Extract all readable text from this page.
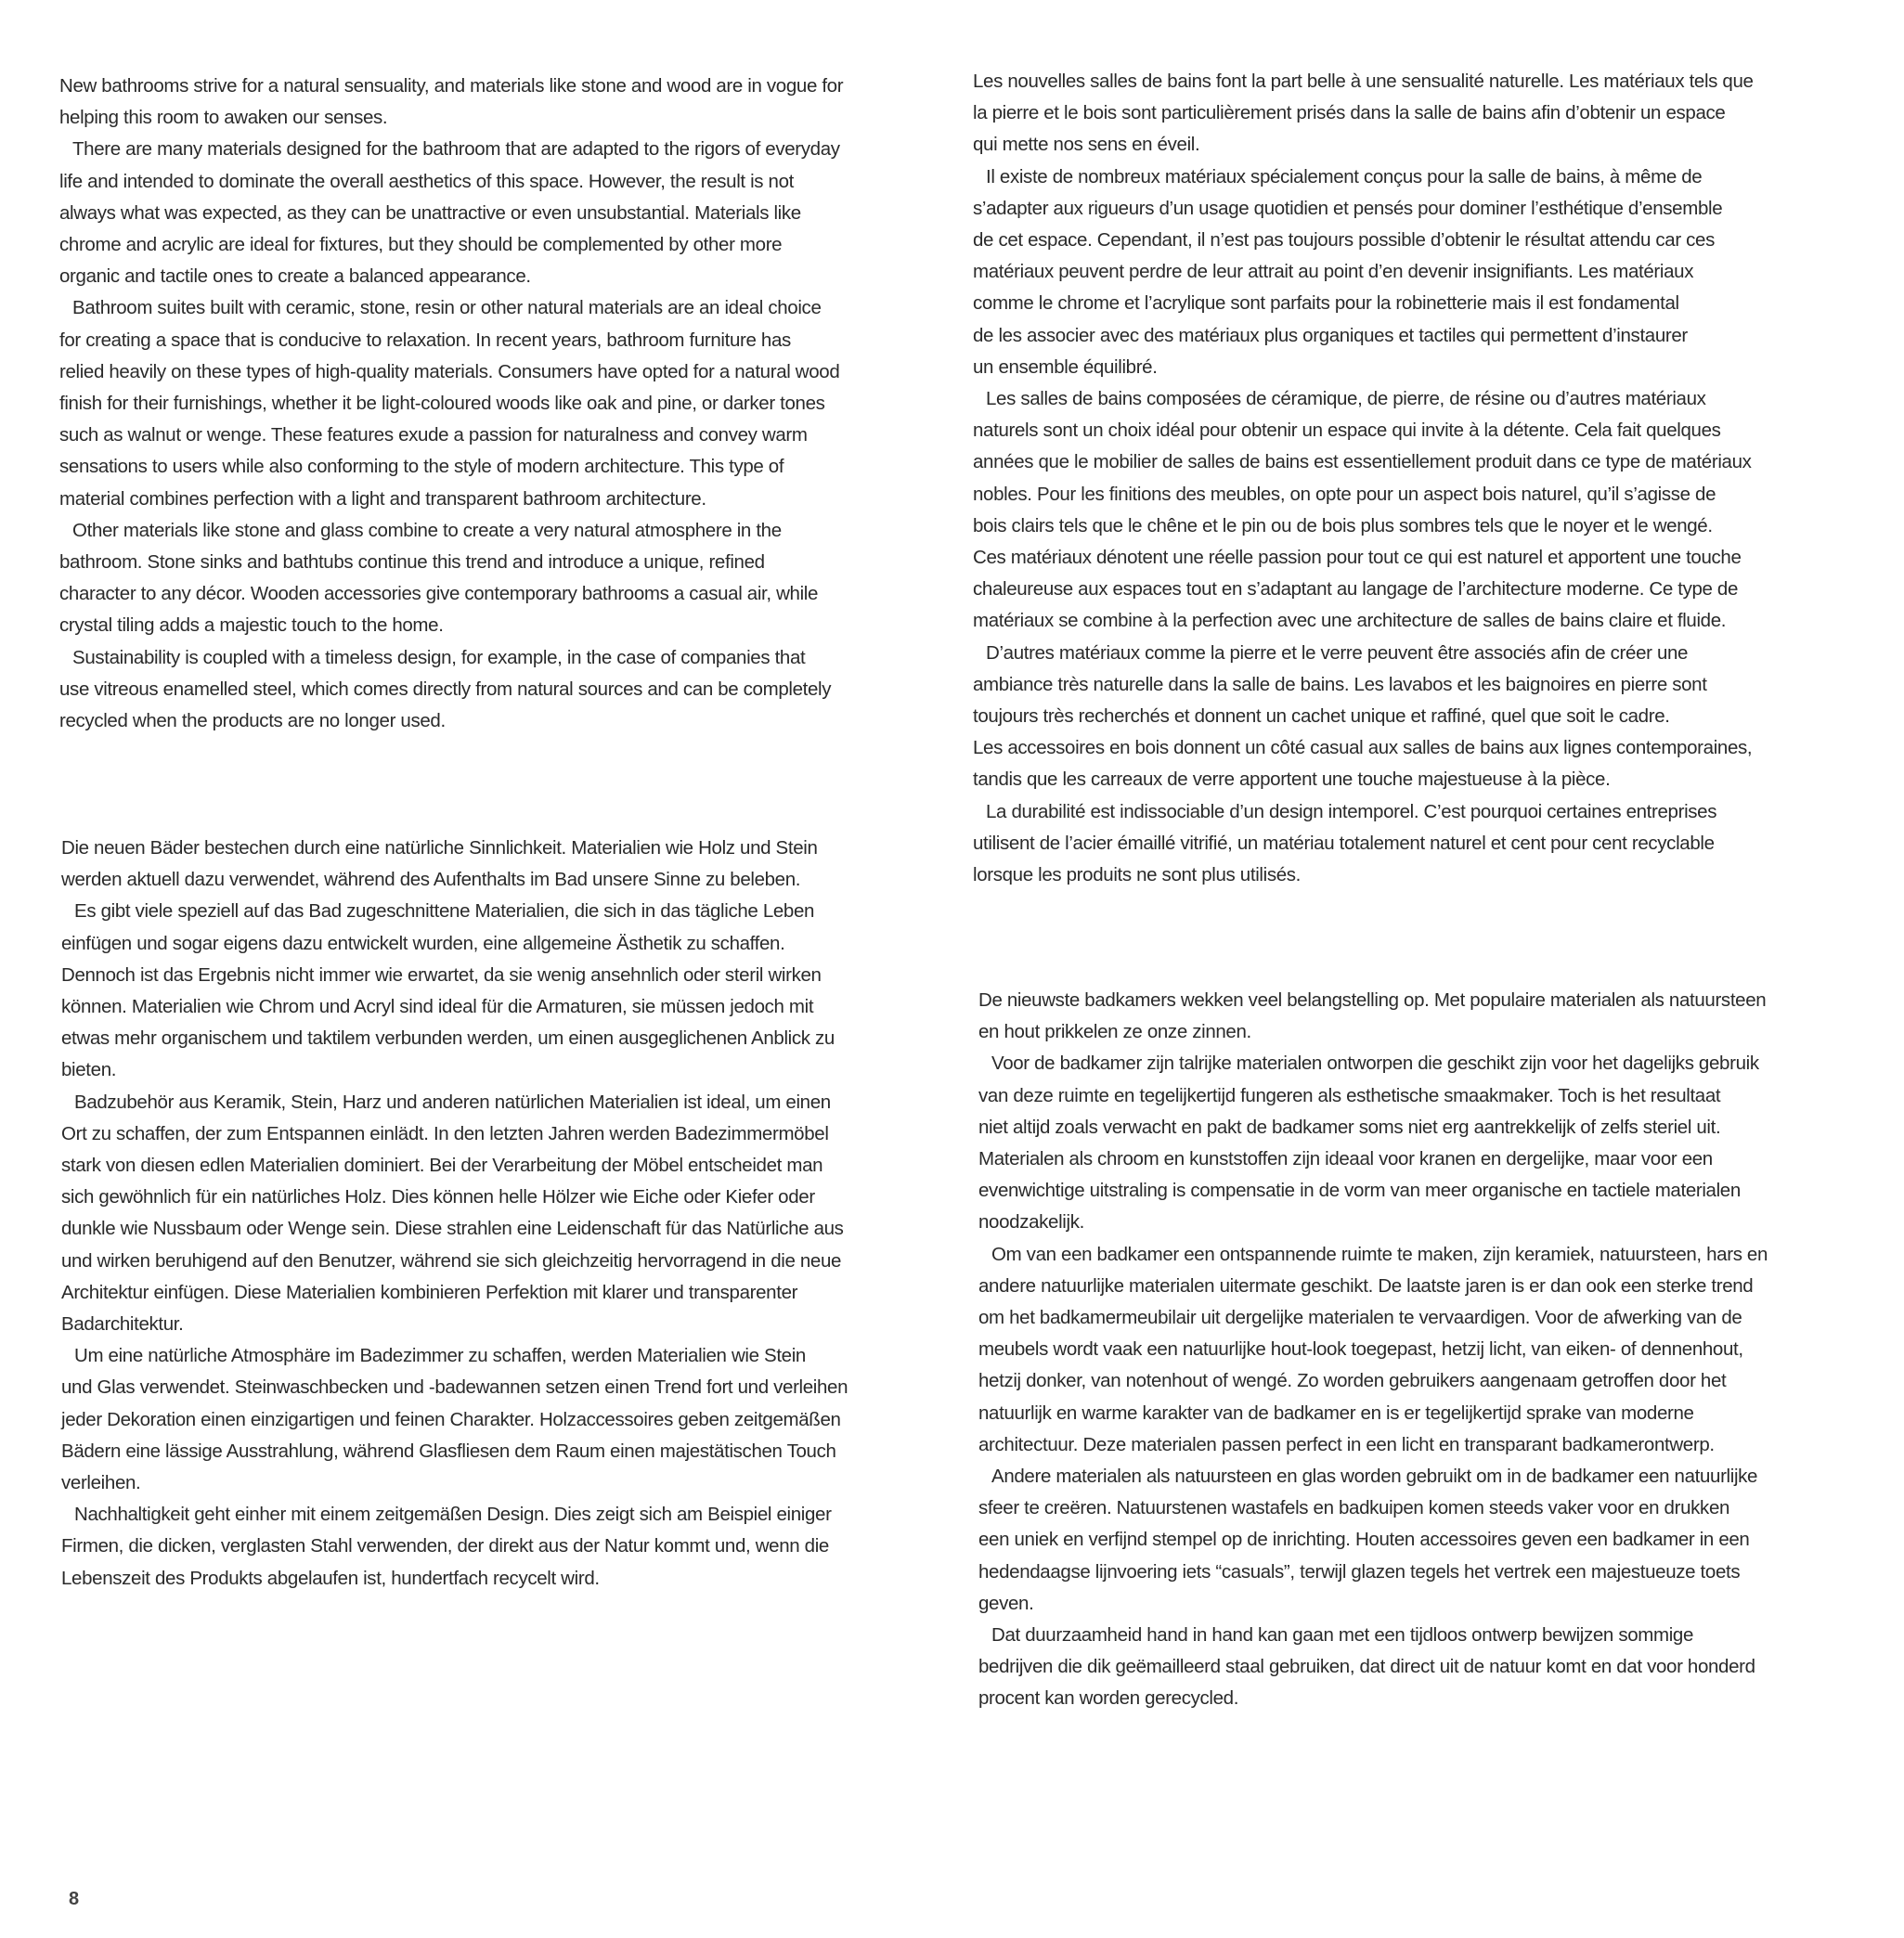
New bathrooms strive for a natural sensuality, and materials like stone and wood are in vogue for
helping this room to awaken our senses.
There are many materials designed for the bathroom that are adapted to the rigors of everyday
life and intended to dominate the overall aesthetics of this space. However, the result is not
always what was expected, as they can be unattractive or even unsubstantial. Materials like
chrome and acrylic are ideal for fixtures, but they should be complemented by other more
organic and tactile ones to create a balanced appearance.
Bathroom suites built with ceramic, stone, resin or other natural materials are an ideal choice
for creating a space that is conducive to relaxation. In recent years, bathroom furniture has
relied heavily on these types of high-quality materials. Consumers have opted for a natural wood
finish for their furnishings, whether it be light-coloured woods like oak and pine, or darker tones
such as walnut or wenge. These features exude a passion for naturalness and convey warm
sensations to users while also conforming to the style of modern architecture. This type of
material combines perfection with a light and transparent bathroom architecture.
Other materials like stone and glass combine to create a very natural atmosphere in the
bathroom. Stone sinks and bathtubs continue this trend and introduce a unique, refined
character to any décor. Wooden accessories give contemporary bathrooms a casual air, while
crystal tiling adds a majestic touch to the home.
Sustainability is coupled with a timeless design, for example, in the case of companies that
use vitreous enamelled steel, which comes directly from natural sources and can be completely
recycled when the products are no longer used.
Die neuen Bäder bestechen durch eine natürliche Sinnlichkeit. Materialien wie Holz und Stein
werden aktuell dazu verwendet, während des Aufenthalts im Bad unsere Sinne zu beleben.
Es gibt viele speziell auf das Bad zugeschnittene Materialien, die sich in das tägliche Leben
einfügen und sogar eigens dazu entwickelt wurden, eine allgemeine Ästhetik zu schaffen.
Dennoch ist das Ergebnis nicht immer wie erwartet, da sie wenig ansehnlich oder steril wirken
können. Materialien wie Chrom und Acryl sind ideal für die Armaturen, sie müssen jedoch mit
etwas mehr organischem und taktilem verbunden werden, um einen ausgeglichenen Anblick zu
bieten.
Badzubehör aus Keramik, Stein, Harz und anderen natürlichen Materialien ist ideal, um einen
Ort zu schaffen, der zum Entspannen einlädt. In den letzten Jahren werden Badezimmermöbel
stark von diesen edlen Materialien dominiert. Bei der Verarbeitung der Möbel entscheidet man
sich gewöhnlich für ein natürliches Holz. Dies können helle Hölzer wie Eiche oder Kiefer oder
dunkle wie Nussbaum oder Wenge sein. Diese strahlen eine Leidenschaft für das Natürliche aus
und wirken beruhigend auf den Benutzer, während sie sich gleichzeitig hervorragend in die neue
Architektur einfügen. Diese Materialien kombinieren Perfektion mit klarer und transparenter
Badarchitektur.
Um eine natürliche Atmosphäre im Badezimmer zu schaffen, werden Materialien wie Stein
und Glas verwendet. Steinwaschbecken und -badewannen setzen einen Trend fort und verleihen
jeder Dekoration einen einzigartigen und feinen Charakter. Holzaccessoires geben zeitgemäßen
Bädern eine lässige Ausstrahlung, während Glasfliesen dem Raum einen majestätischen Touch
verleihen.
Nachhaltigkeit geht einher mit einem zeitgemäßen Design. Dies zeigt sich am Beispiel einiger
Firmen, die dicken, verglasten Stahl verwenden, der direkt aus der Natur kommt und, wenn die
Lebenszeit des Produkts abgelaufen ist, hundertfach recycelt wird.
Les nouvelles salles de bains font la part belle à une sensualité naturelle. Les matériaux tels que
la pierre et le bois sont particulièrement prisés dans la salle de bains afin d’obtenir un espace
qui mette nos sens en éveil.
Il existe de nombreux matériaux spécialement conçus pour la salle de bains, à même de
s’adapter aux rigueurs d’un usage quotidien et pensés pour dominer l’esthétique d’ensemble
de cet espace. Cependant, il n’est pas toujours possible d’obtenir le résultat attendu car ces
matériaux peuvent perdre de leur attrait au point d’en devenir insignifiants. Les matériaux
comme le chrome et l’acrylique sont parfaits pour la robinetterie mais il est fondamental
de les associer avec des matériaux plus organiques et tactiles qui permettent d’instaurer
un ensemble équilibré.
Les salles de bains composées de céramique, de pierre, de résine ou d’autres matériaux
naturels sont un choix idéal pour obtenir un espace qui invite à la détente. Cela fait quelques
années que le mobilier de salles de bains est essentiellement produit dans ce type de matériaux
nobles. Pour les finitions des meubles, on opte pour un aspect bois naturel, qu’il s’agisse de
bois clairs tels que le chêne et le pin ou de bois plus sombres tels que le noyer et le wengé.
Ces matériaux dénotent une réelle passion pour tout ce qui est naturel et apportent une touche
chaleureuse aux espaces tout en s’adaptant au langage de l’architecture moderne. Ce type de
matériaux se combine à la perfection avec une architecture de salles de bains claire et fluide.
D’autres matériaux comme la pierre et le verre peuvent être associés afin de créer une
ambiance très naturelle dans la salle de bains. Les lavabos et les baignoires en pierre sont
toujours très recherchés et donnent un cachet unique et raffiné, quel que soit le cadre.
Les accessoires en bois donnent un côté casual aux salles de bains aux lignes contemporaines,
tandis que les carreaux de verre apportent une touche majestueuse à la pièce.
La durabilité est indissociable d’un design intemporel. C’est pourquoi certaines entreprises
utilisent de l’acier émaillé vitrifié, un matériau totalement naturel et cent pour cent recyclable
lorsque les produits ne sont plus utilisés.
De nieuwste badkamers wekken veel belangstelling op. Met populaire materialen als natuursteen
en hout prikkelen ze onze zinnen.
Voor de badkamer zijn talrijke materialen ontworpen die geschikt zijn voor het dagelijks gebruik
van deze ruimte en tegelijkertijd fungeren als esthetische smaakmaker. Toch is het resultaat
niet altijd zoals verwacht en pakt de badkamer soms niet erg aantrekkelijk of zelfs steriel uit.
Materialen als chroom en kunststoffen zijn ideaal voor kranen en dergelijke, maar voor een
evenwichtige uitstraling is compensatie in de vorm van meer organische en tactiele materialen
noodzakelijk.
Om van een badkamer een ontspannende ruimte te maken, zijn keramiek, natuursteen, hars en
andere natuurlijke materialen uitermate geschikt. De laatste jaren is er dan ook een sterke trend
om het badkamermeubilair uit dergelijke materialen te vervaardigen. Voor de afwerking van de
meubels wordt vaak een natuurlijke hout-look toegepast, hetzij licht, van eiken- of dennenhout,
hetzij donker, van notenhout of wengé. Zo worden gebruikers aangenaam getroffen door het
natuurlijk en warme karakter van de badkamer en is er tegelijkertijd sprake van moderne
architectuur. Deze materialen passen perfect in een licht en transparant badkamerontwerp.
Andere materialen als natuursteen en glas worden gebruikt om in de badkamer een natuurlijke
sfeer te creëren. Natuurstenen wastafels en badkuipen komen steeds vaker voor en drukken
een uniek en verfijnd stempel op de inrichting. Houten accessoires geven een badkamer in een
hedendaagse lijnvoering iets “casuals”, terwijl glazen tegels het vertrek een majestueuze toets
geven.
Dat duurzaamheid hand in hand kan gaan met een tijdloos ontwerp bewijzen sommige
bedrijven die dik geëmailleerd staal gebruiken, dat direct uit de natuur komt en dat voor honderd
procent kan worden gerecycled.
8
